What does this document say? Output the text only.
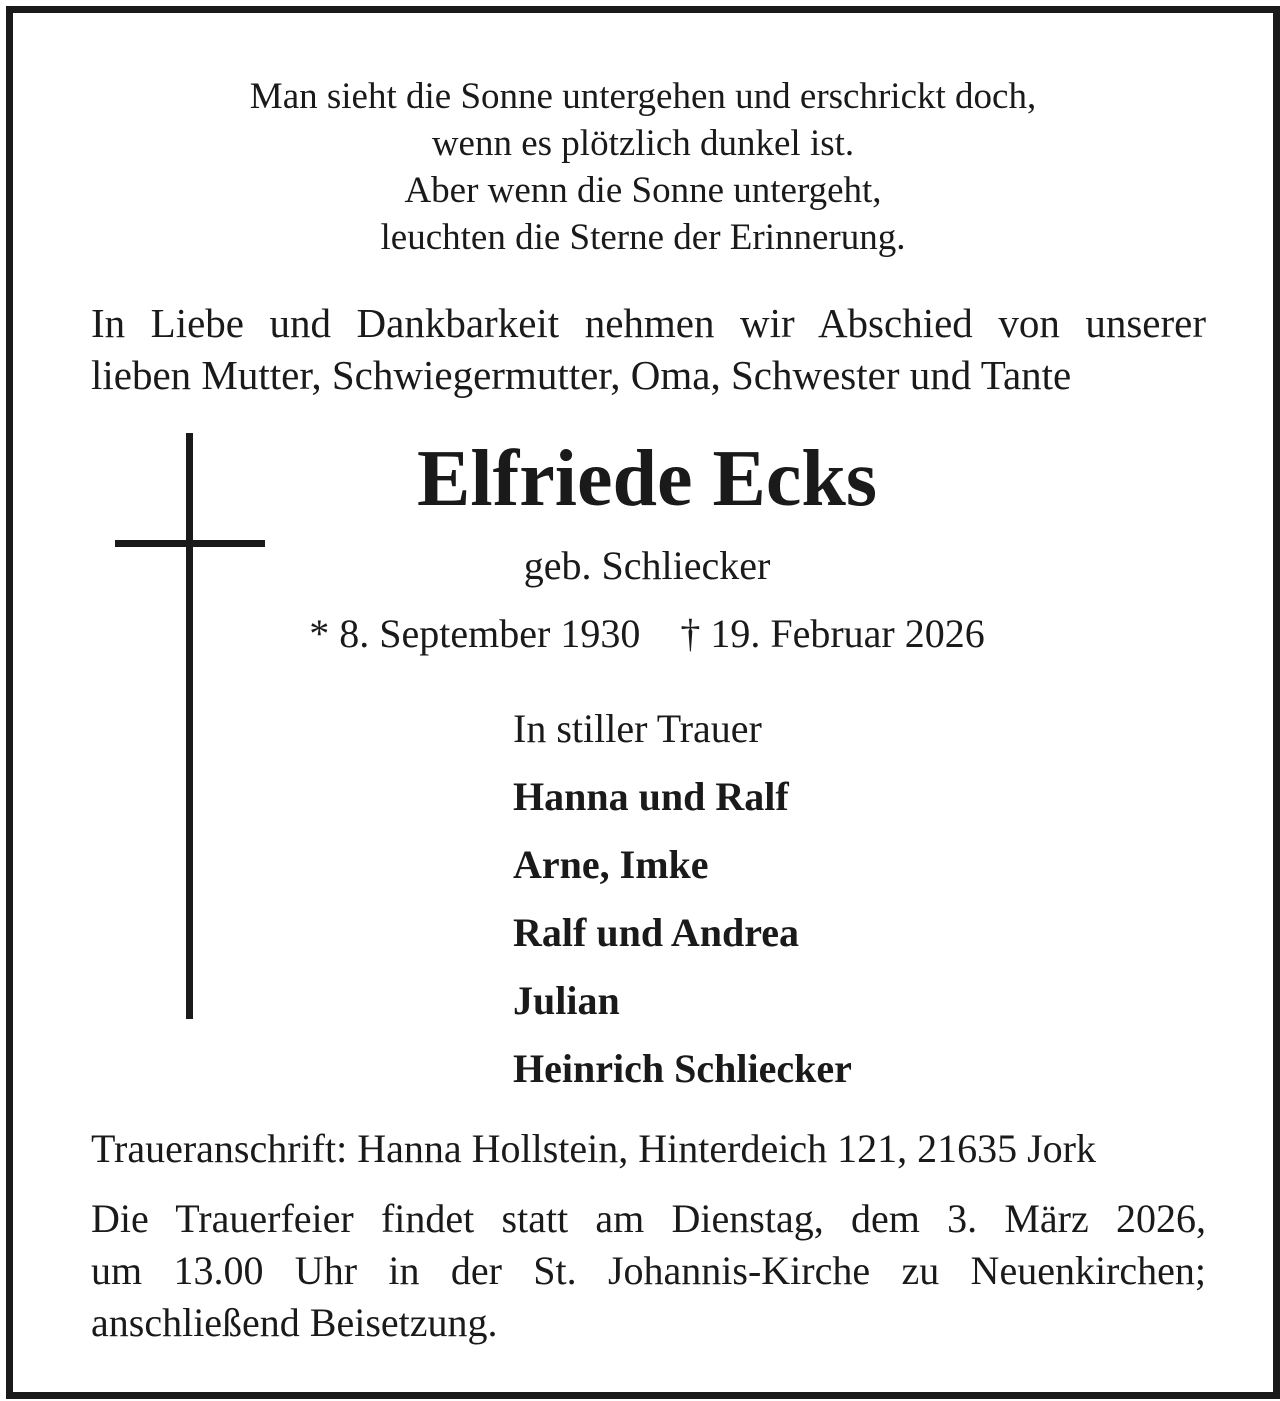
Man sieht die Sonne untergehen und erschrickt doch,
wenn es plötzlich dunkel ist.
Aber wenn die Sonne untergeht,
leuchten die Sterne der Erinnerung.
In Liebe und Dankbarkeit nehmen wir Abschied von unserer
lieben Mutter, Schwiegermutter, Oma, Schwester und Tante
Elfriede Ecks
geb. Schliecker
* 8. September 1930 † 19. Februar 2026
In stiller Trauer
Hanna und Ralf
Arne, Imke
Ralf und Andrea
Julian
Heinrich Schliecker
Traueranschrift: Hanna Hollstein, Hinterdeich 121, 21635 Jork
Die Trauerfeier findet statt am Dienstag, dem 3. März 2026,
um 13.00 Uhr in der St. Johannis-Kirche zu Neuenkirchen;
anschließend Beisetzung.
